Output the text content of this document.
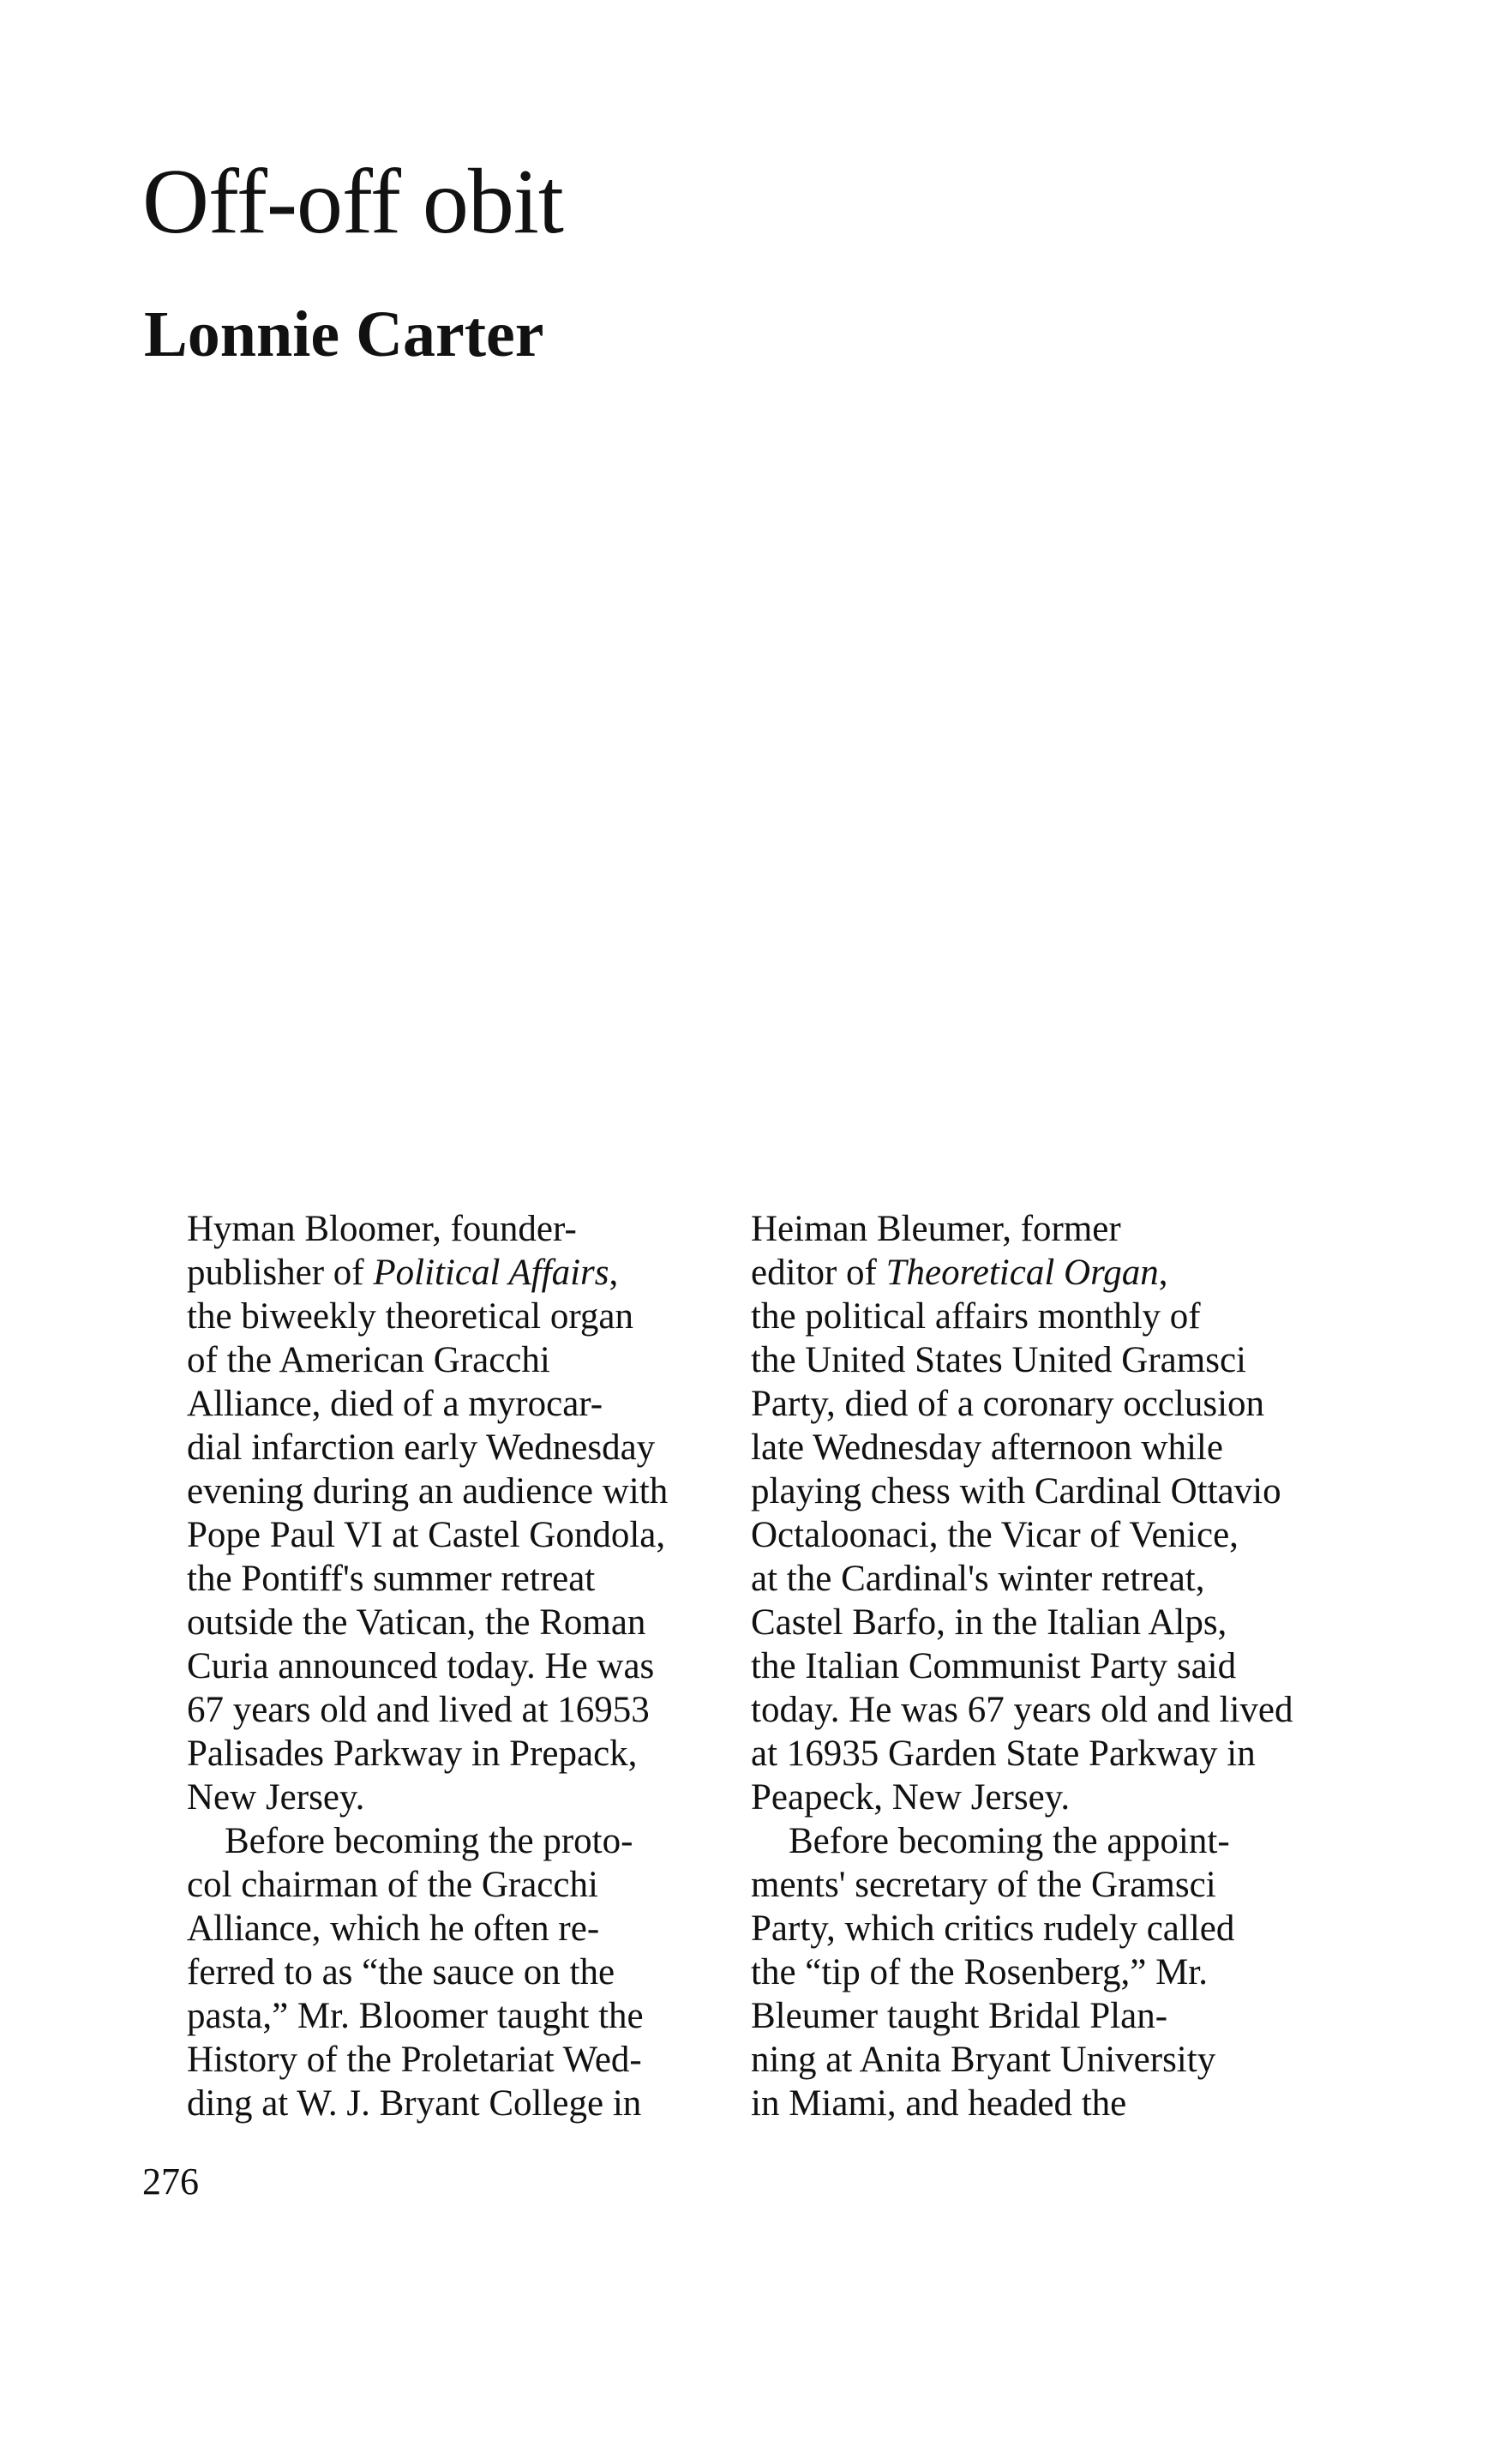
Off-off obit
Lonnie Carter
Hyman Bloomer, founder-
publisher of Political Affairs,
the biweekly theoretical organ
of the American Gracchi
Alliance, died of a myrocar-
dial infarction early Wednesday
evening during an audience with
Pope Paul VI at Castel Gondola,
the Pontiff's summer retreat
outside the Vatican, the Roman
Curia announced today. He was
67 years old and lived at 16953
Palisades Parkway in Prepack,
New Jersey.
Before becoming the proto-
col chairman of the Gracchi
Alliance, which he often re-
ferred to as “the sauce on the
pasta,” Mr. Bloomer taught the
History of the Proletariat Wed-
ding at W. J. Bryant College in
Heiman Bleumer, former
editor of Theoretical Organ,
the political affairs monthly of
the United States United Gramsci
Party, died of a coronary occlusion
late Wednesday afternoon while
playing chess with Cardinal Ottavio
Octaloonaci, the Vicar of Venice,
at the Cardinal's winter retreat,
Castel Barfo, in the Italian Alps,
the Italian Communist Party said
today. He was 67 years old and lived
at 16935 Garden State Parkway in
Peapeck, New Jersey.
Before becoming the appoint-
ments' secretary of the Gramsci
Party, which critics rudely called
the “tip of the Rosenberg,” Mr.
Bleumer taught Bridal Plan-
ning at Anita Bryant University
in Miami, and headed the
276
